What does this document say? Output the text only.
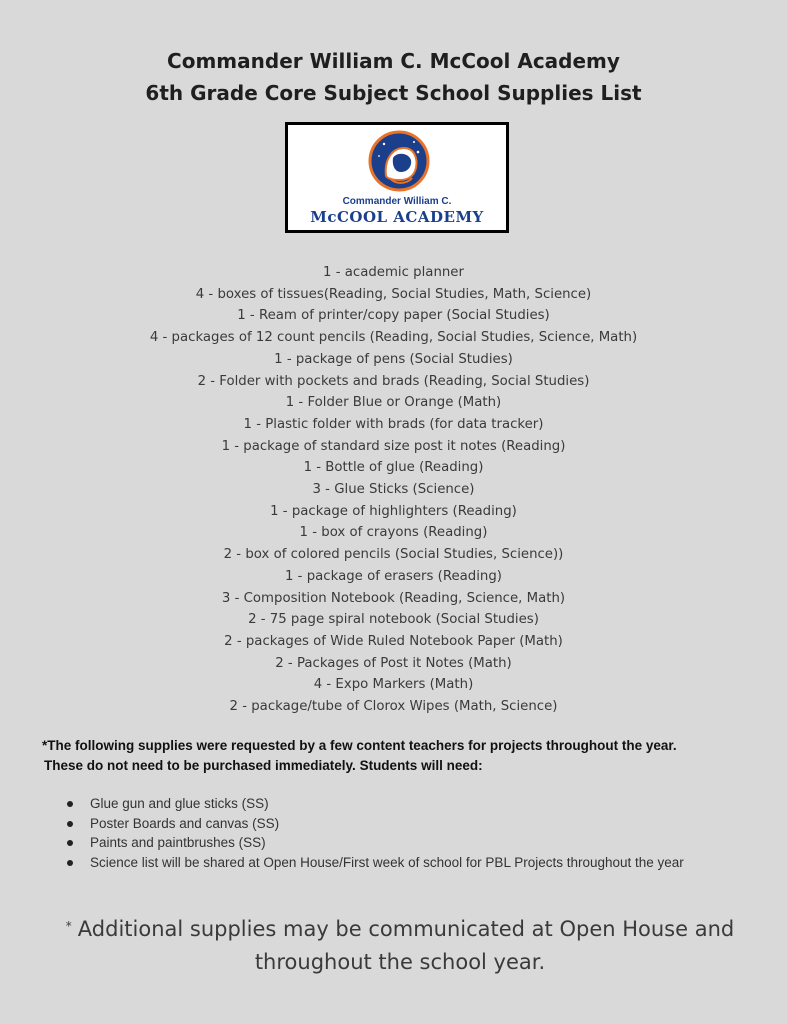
Commander William C. McCool Academy
6th Grade Core Subject School Supplies List
Commander William C.
McCOOL ACADEMY
1 - academic planner
4 - boxes of tissues(Reading, Social Studies, Math, Science)
1 - Ream of printer/copy paper (Social Studies)
4 - packages of 12 count pencils (Reading, Social Studies, Science, Math)
1 - package of pens (Social Studies)
2 - Folder with pockets and brads (Reading, Social Studies)
1 - Folder Blue or Orange (Math)
1 - Plastic folder with brads (for data tracker)
1 - package of standard size post it notes (Reading)
1 - Bottle of glue (Reading)
3 - Glue Sticks (Science)
1 - package of highlighters (Reading)
1 - box of crayons (Reading)
2 - box of colored pencils (Social Studies, Science))
1 - package of erasers (Reading)
3 - Composition Notebook (Reading, Science, Math)
2 - 75 page spiral notebook (Social Studies)
2 - packages of Wide Ruled Notebook Paper (Math)
2 - Packages of Post it Notes (Math)
4 - Expo Markers (Math)
2 - package/tube of Clorox Wipes (Math, Science)
*The following supplies were requested by a few content teachers for projects throughout the year.
These do not need to be purchased immediately. Students will need:
Glue gun and glue sticks (SS)
Poster Boards and canvas (SS)
Paints and paintbrushes (SS)
Science list will be shared at Open House/First week of school for PBL Projects throughout the year
* Additional supplies may be communicated at Open House and
throughout the school year.
